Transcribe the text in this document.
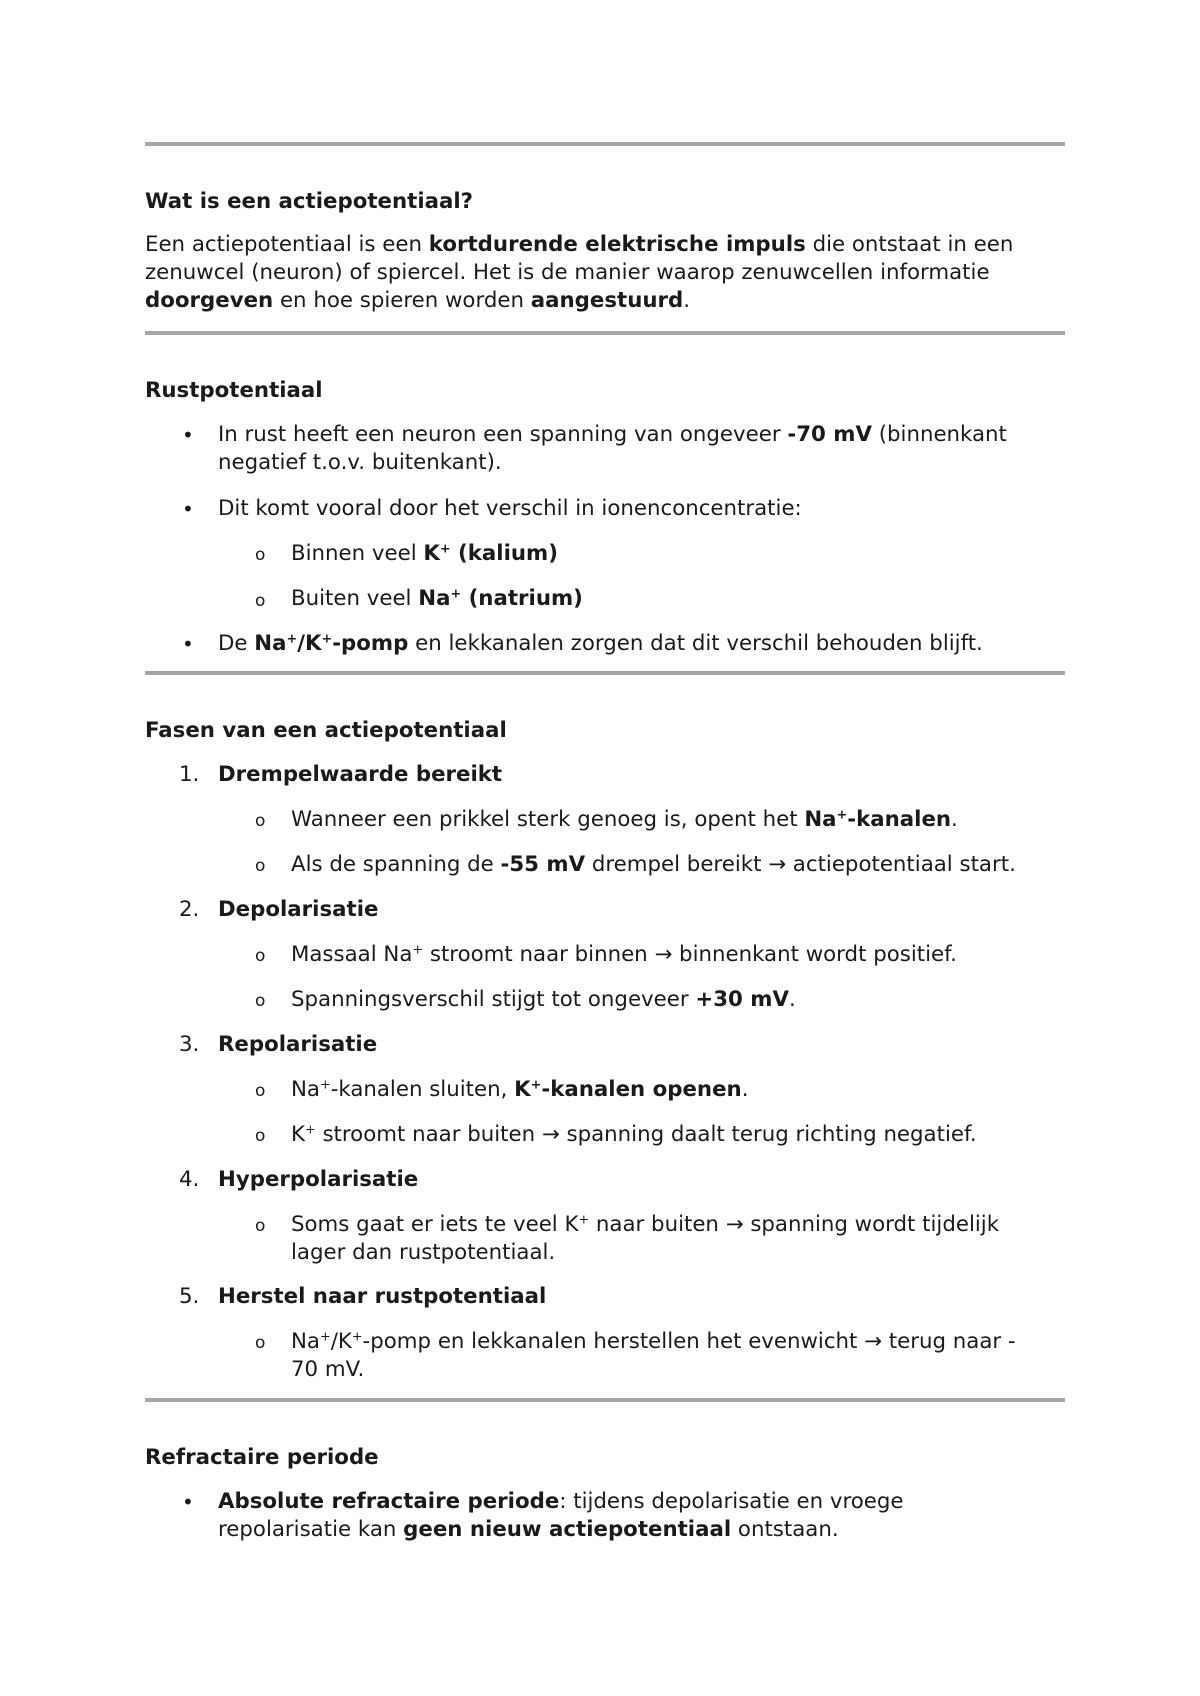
Wat is een actiepotentiaal?
Een actiepotentiaal is een kortdurende elektrische impuls die ontstaat in een
zenuwcel (neuron) of spiercel. Het is de manier waarop zenuwcellen informatie
doorgeven en hoe spieren worden aangestuurd.
Rustpotentiaal
• In rust heeft een neuron een spanning van ongeveer -70 mV (binnenkant
negatief t.o.v. buitenkant).
• Dit komt vooral door het verschil in ionenconcentratie:
o Binnen veel K+ (kalium)
o Buiten veel Na+ (natrium)
• De Na+/K+-pomp en lekkanalen zorgen dat dit verschil behouden blijft.
Fasen van een actiepotentiaal
1. Drempelwaarde bereikt
o Wanneer een prikkel sterk genoeg is, opent het Na+-kanalen.
o Als de spanning de -55 mV drempel bereikt → actiepotentiaal start.
2. Depolarisatie
o Massaal Na+ stroomt naar binnen → binnenkant wordt positief.
o Spanningsverschil stijgt tot ongeveer +30 mV.
3. Repolarisatie
o Na+-kanalen sluiten, K+-kanalen openen.
o K+ stroomt naar buiten → spanning daalt terug richting negatief.
4. Hyperpolarisatie
o Soms gaat er iets te veel K+ naar buiten → spanning wordt tijdelijk
lager dan rustpotentiaal.
5. Herstel naar rustpotentiaal
o Na+/K+-pomp en lekkanalen herstellen het evenwicht → terug naar -
70 mV.
Refractaire periode
• Absolute refractaire periode: tijdens depolarisatie en vroege
repolarisatie kan geen nieuw actiepotentiaal ontstaan.
